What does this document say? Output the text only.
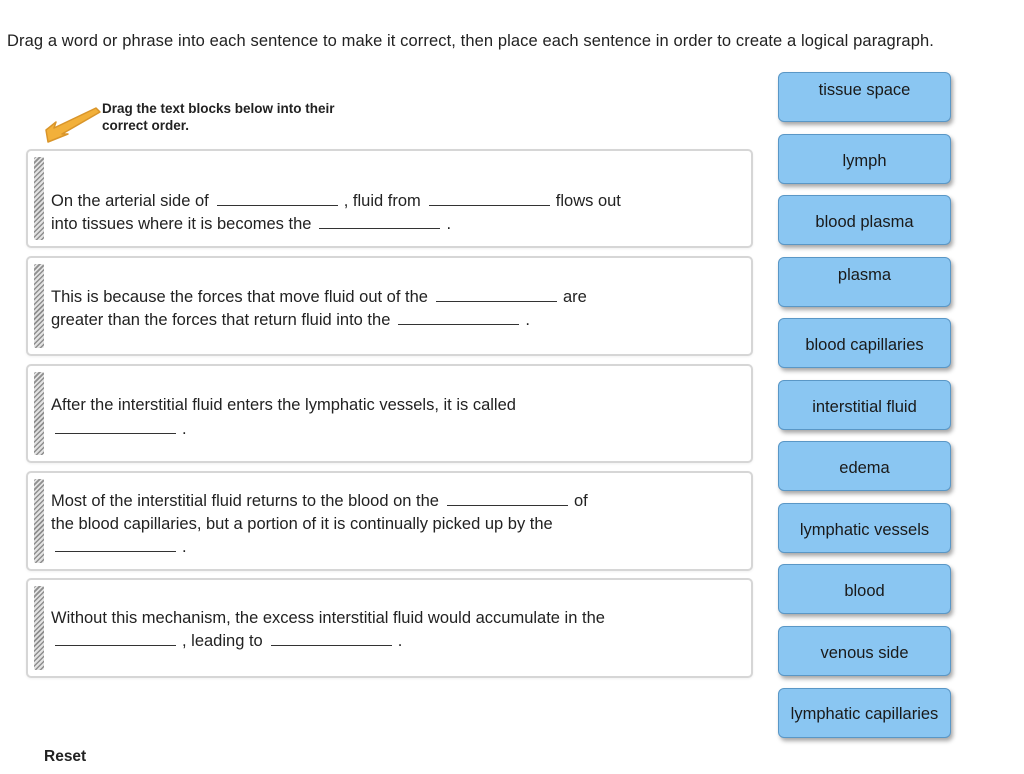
Drag a word or phrase into each sentence to make it correct, then place each sentence in order to create a logical paragraph.
Drag the text blocks below into their correct order.
On the arterial side of	, fluid from	flows out
into tissues where it is becomes the	.
This is because the forces that move fluid out of the	are
greater than the forces that return fluid into the	.
After the interstitial fluid enters the lymphatic vessels, it is called
.
Most of the interstitial fluid returns to the blood on the	of
the blood capillaries, but a portion of it is continually picked up by the
.
Without this mechanism, the excess interstitial fluid would accumulate in the
, leading to	.
tissue space
lymph
blood plasma
plasma
blood capillaries
interstitial fluid
edema
lymphatic vessels
blood
venous side
lymphatic capillaries
Reset
